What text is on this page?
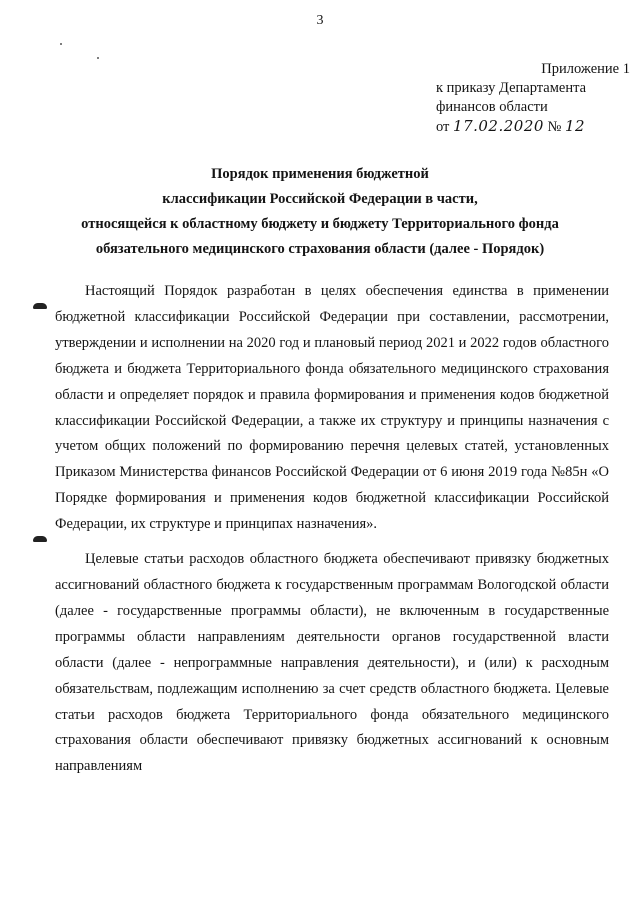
3
Приложение 1
к приказу Департамента
финансов области
от 17.02.2020 № 12
Порядок применения бюджетной
классификации Российской Федерации в части,
относящейся к областному бюджету и бюджету Территориального фонда
обязательного медицинского страхования области (далее - Порядок)

Настоящий Порядок разработан в целях обеспечения единства в применении бюджетной классификации Российской Федерации при составлении, рассмотрении, утверждении и исполнении на 2020 год и плановый период 2021 и 2022 годов областного бюджета и бюджета Территориального фонда обязательного медицинского страхования области и определяет порядок и правила формирования и применения кодов бюджетной классификации Российской Федерации, а также их структуру и принципы назначения с учетом общих положений по формированию перечня целевых статей, установленных Приказом Министерства финансов Российской Федерации от 6 июня 2019 года №85н «О Порядке формирования и применения кодов бюджетной классификации Российской Федерации, их структуре и принципах назначения».

Целевые статьи расходов областного бюджета обеспечивают привязку бюджетных ассигнований областного бюджета к государственным программам Вологодской области (далее - государственные программы области), не включенным в государственные программы области направлениям деятельности органов государственной власти области (далее - непрограммные направления деятельности), и (или) к расходным обязательствам, подлежащим исполнению за счет средств областного бюджета. Целевые статьи расходов бюджета Территориального фонда обязательного медицинского страхования области обеспечивают привязку бюджетных ассигнований к основным направлениям
